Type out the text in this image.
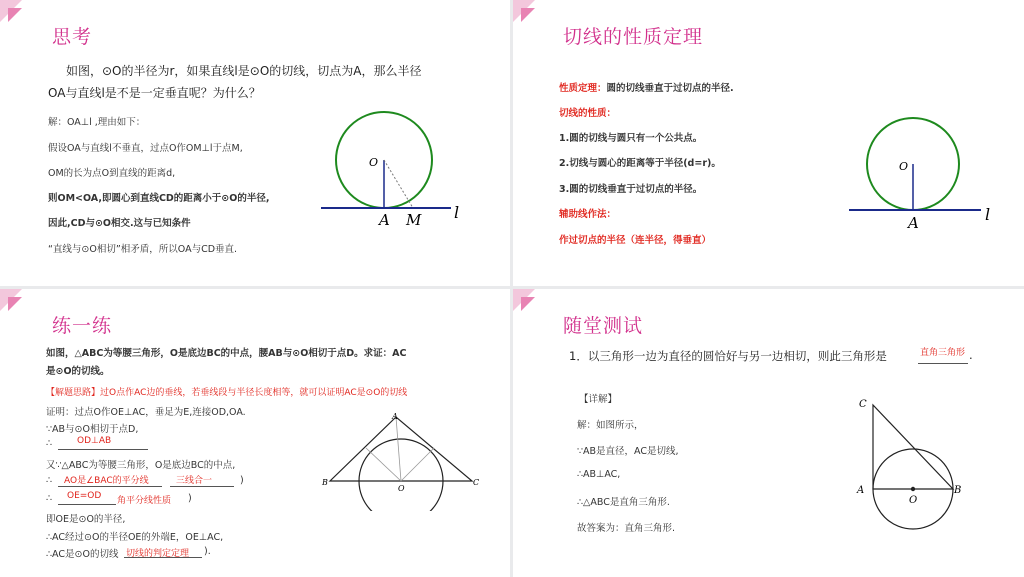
思考
如图，⊙O的半径为r，如果直线l是⊙O的切线，切点为A，那么半径
OA与直线l是不是一定垂直呢？为什么？
解：OA⊥l ,理由如下：
假设OA与直线l不垂直，过点O作OM⊥l于点M,
OM的长为点O到直线的距离d,
则OM<OA,即圆心到直线CD的距离小于⊙O的半径,
因此,CD与⊙O相交.这与已知条件
“直线与⊙O相切”相矛盾，所以OA与CD垂直.
O
A M l
切线的性质定理
性质定理：圆的切线垂直于过切点的半径.
切线的性质：
1.圆的切线与圆只有一个公共点。
2.切线与圆心的距离等于半径(d=r)。
3.圆的切线垂直于过切点的半径。
辅助线作法：
作过切点的半径（连半径，得垂直）
O
A	l
练一练
如图，△ABC为等腰三角形，O是底边BC的中点，腰AB与⊙O相切于点D。求证：AC
是⊙O的切线。
【解题思路】过O点作AC边的垂线，若垂线段与半径长度相等，就可以证明AC是⊙O的切线
证明：过点O作OE⊥AC，垂足为E,连接OD,OA.
∵AB与⊙O相切于点D,
∴	OD⊥AB
又∵△ABC为等腰三角形，O是底边BC的中点,
∴ AO是∠BAC的平分线	三线合一	)
∴ OE=OD 角平分线性质 )
即OE是⊙O的半径,
∴AC经过⊙O的半径OE的外端E，OE⊥AC,
∴AC是⊙O的切线 切线的判定定理 ).
A
B	C
O
随堂测试
1．以三角形一边为直径的圆恰好与另一边相切，则此三角形是	直角三角形 .
【详解】
解：如图所示，
∵AB是直径，AC是切线,
∴AB⊥AC,
∴△ABC是直角三角形.
故答案为：直角三角形.
C
A
O
B
